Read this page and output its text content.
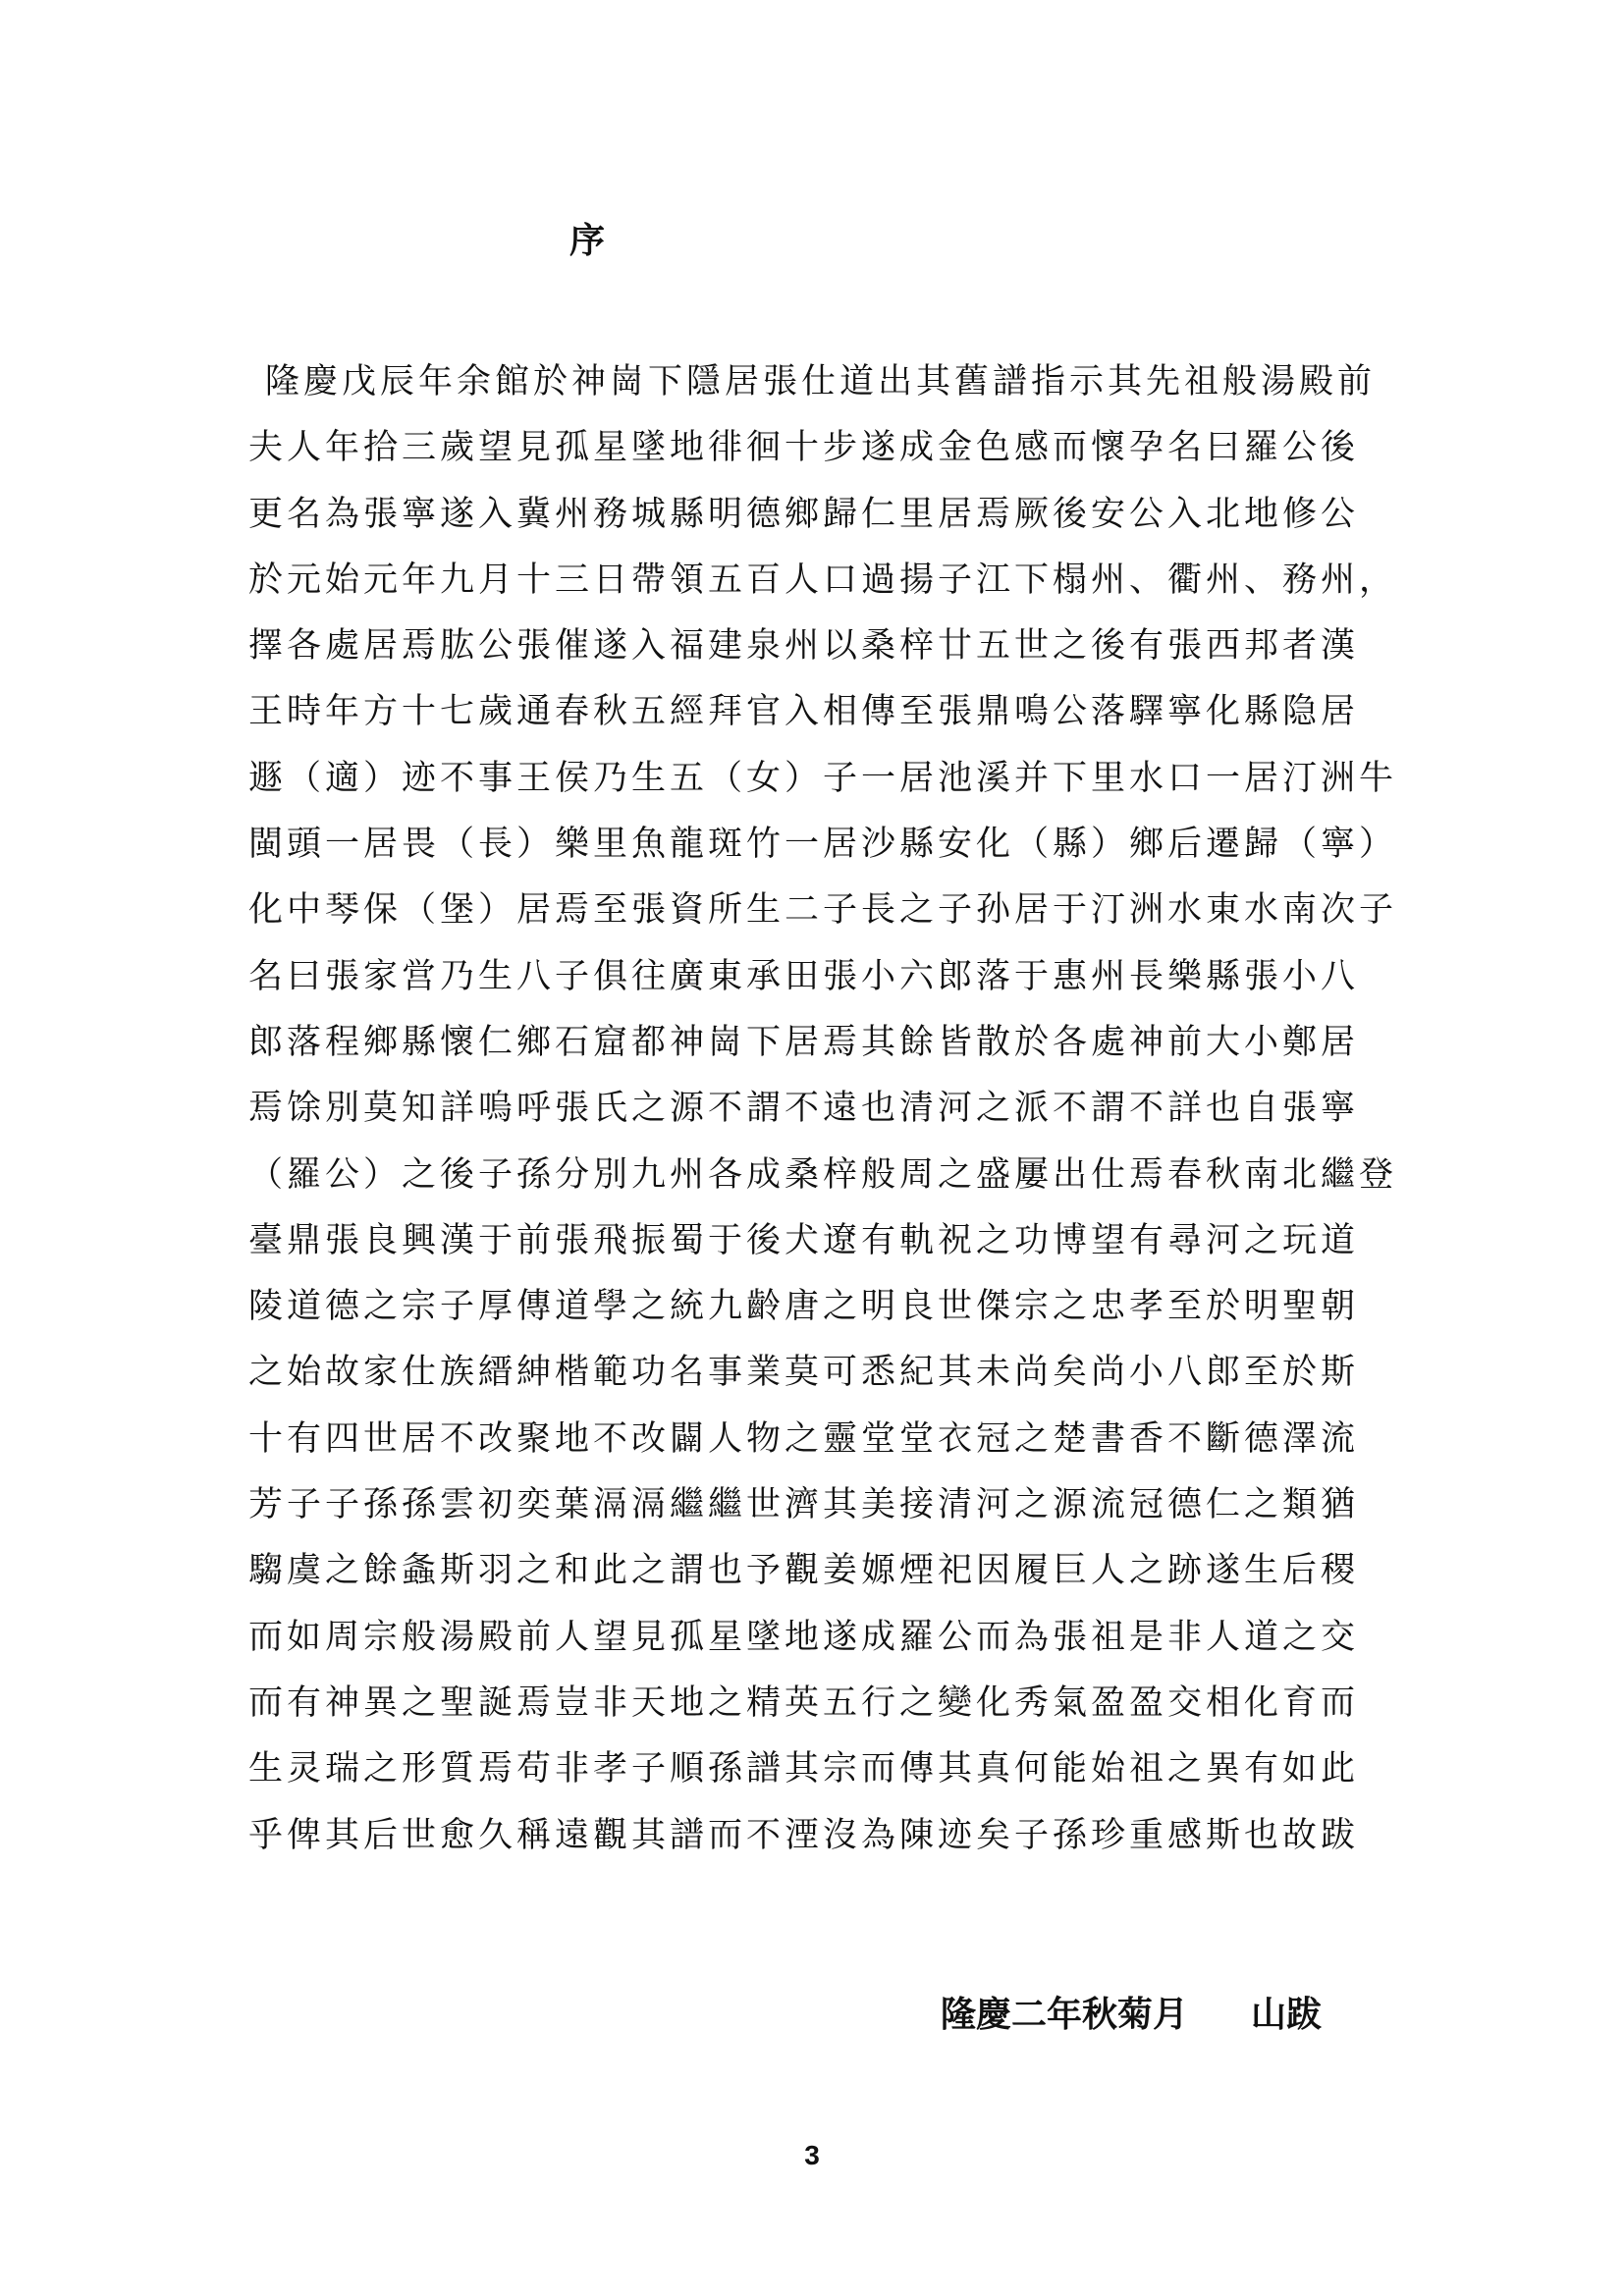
序
隆慶戊辰年余館於神崗下隱居張仕道出其舊譜指示其先祖般湯殿前
夫人年拾三歲望見孤星墜地徘徊十步遂成金色感而懷孕名曰羅公後
更名為張寧遂入冀州務城縣明德鄉歸仁里居焉厥後安公入北地修公
於元始元年九月十三日帶領五百人口過揚子江下榻州、衢州、務州，
擇各處居焉肱公張催遂入福建泉州以桑梓廿五世之後有張西邦者漢
王時年方十七歲通春秋五經拜官入相傳至張鼎鳴公落驛寧化縣隐居
遯（適）迹不事王侯乃生五（女）子一居池溪并下里水口一居汀洲牛
閩頭一居畏（長）樂里魚龍斑竹一居沙縣安化（縣）鄉后遷歸（寧）
化中琴保（堡）居焉至張資所生二子長之子孙居于汀洲水東水南次子
名曰張家営乃生八子俱往廣東承田張小六郎落于惠州長樂縣張小八
郎落程鄉縣懷仁鄉石窟都神崗下居焉其餘皆散於各處神前大小鄭居
焉馀別莫知詳嗚呼張氏之源不謂不遠也清河之派不謂不詳也自張寧
（羅公）之後子孫分別九州各成桑梓般周之盛屢出仕焉春秋南北繼登
臺鼎張良興漢于前張飛振蜀于後犬遼有軌祝之功博望有尋河之玩道
陵道德之宗子厚傳道學之統九齡唐之明良世傑宗之忠孝至於明聖朝
之始故家仕族縉紳楷範功名事業莫可悉紀其未尚矣尚小八郎至於斯
十有四世居不改聚地不改闢人物之靈堂堂衣冠之楚書香不斷德澤流
芳子子孫孫雲初奕葉滆滆繼繼世濟其美接清河之源流冠德仁之類猶
騶虞之餘螽斯羽之和此之謂也予觀姜嫄煙祀因履巨人之跡遂生后稷
而如周宗般湯殿前人望見孤星墜地遂成羅公而為張祖是非人道之交
而有神異之聖誕焉豈非天地之精英五行之變化秀氣盈盈交相化育而
生灵瑞之形質焉苟非孝子順孫譜其宗而傳其真何能始祖之異有如此
乎俾其后世愈久稱遠觀其譜而不湮沒為陳迹矣子孫珍重感斯也故跋
隆慶二年秋菊月 山跋
3
